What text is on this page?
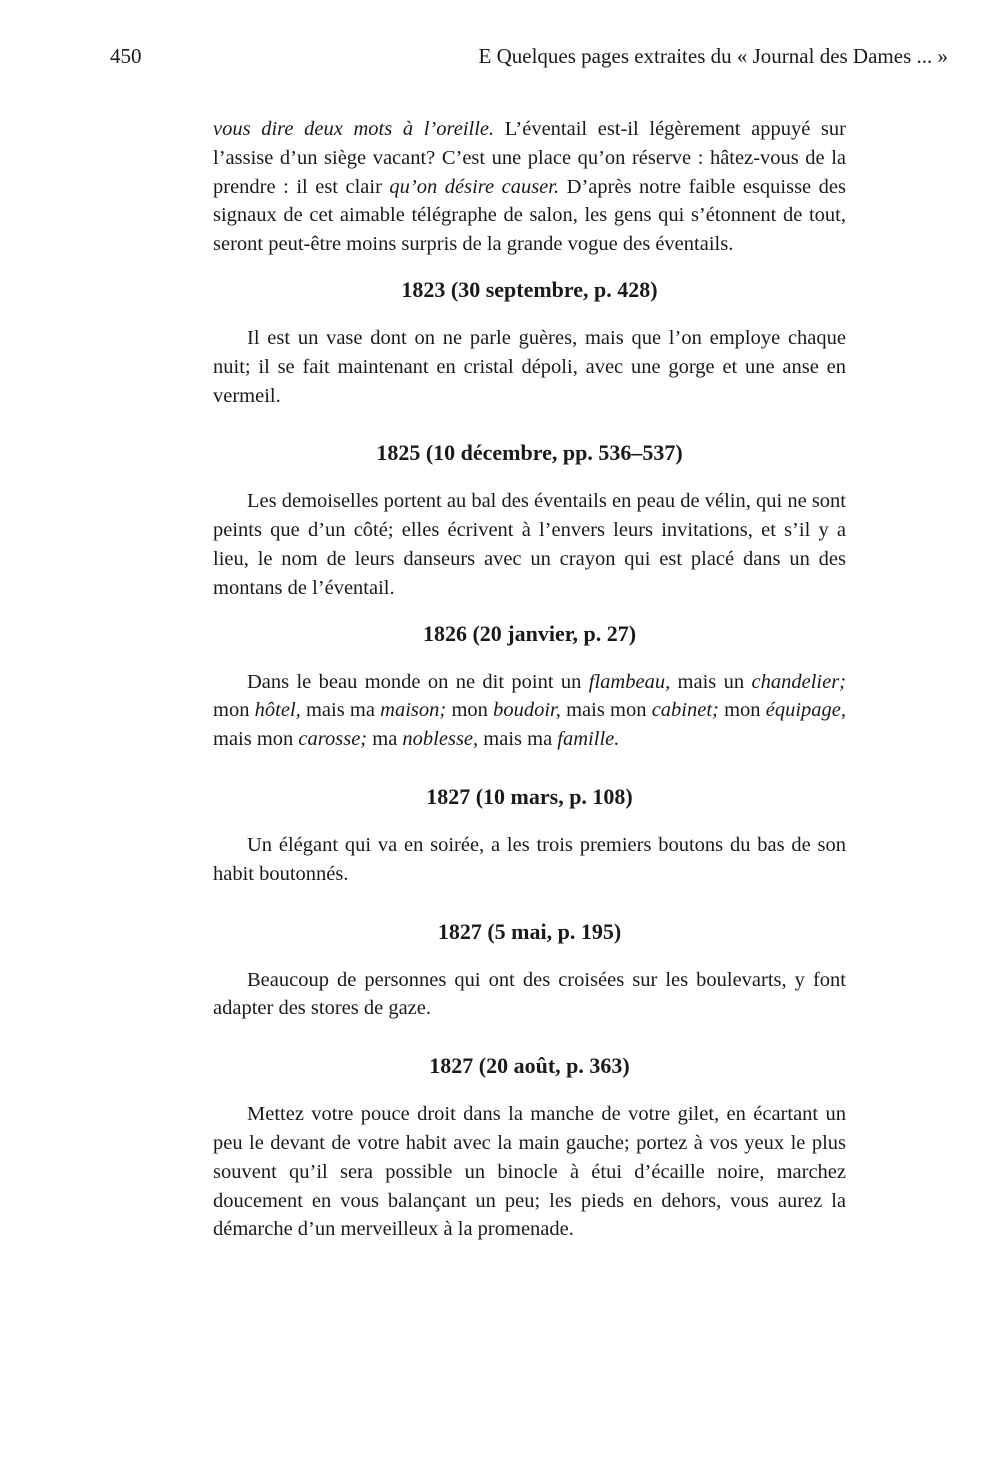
450	E Quelques pages extraites du « Journal des Dames ... »

vous dire deux mots à l’oreille. L’éventail est-il légèrement appuyé sur l’assise d’un siège vacant? C’est une place qu’on réserve : hâtez-vous de la prendre : il est clair qu’on désire causer. D’après notre faible esquisse des signaux de cet aimable télégraphe de salon, les gens qui s’étonnent de tout, seront peut-être moins surpris de la grande vogue des éventails.

1823 (30 septembre, p. 428)

Il est un vase dont on ne parle guères, mais que l’on employe chaque nuit; il se fait maintenant en cristal dépoli, avec une gorge et une anse en vermeil.

1825 (10 décembre, pp. 536–537)

Les demoiselles portent au bal des éventails en peau de vélin, qui ne sont peints que d’un côté; elles écrivent à l’envers leurs invitations, et s’il y a lieu, le nom de leurs danseurs avec un crayon qui est placé dans un des montans de l’éventail.

1826 (20 janvier, p. 27)

Dans le beau monde on ne dit point un flambeau, mais un chandelier; mon hôtel, mais ma maison; mon boudoir, mais mon cabinet; mon équipage, mais mon carosse; ma noblesse, mais ma famille.

1827 (10 mars, p. 108)

Un élégant qui va en soirée, a les trois premiers boutons du bas de son habit boutonnés.

1827 (5 mai, p. 195)

Beaucoup de personnes qui ont des croisées sur les boulevarts, y font adapter des stores de gaze.

1827 (20 août, p. 363)

Mettez votre pouce droit dans la manche de votre gilet, en écartant un peu le devant de votre habit avec la main gauche; portez à vos yeux le plus souvent qu’il sera possible un binocle à étui d’écaille noire, marchez doucement en vous balançant un peu; les pieds en dehors, vous aurez la démarche d’un merveilleux à la promenade.
